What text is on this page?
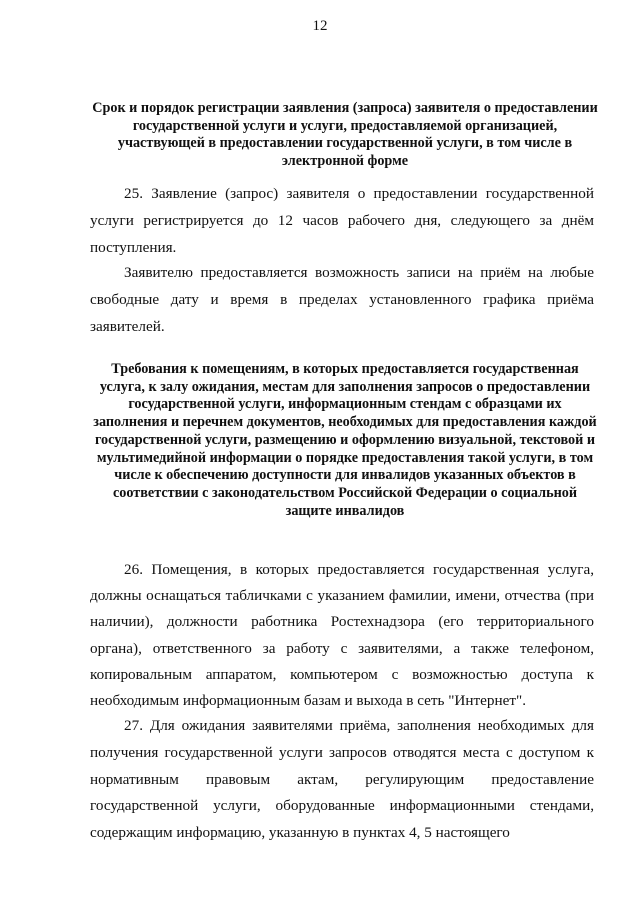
12

Срок и порядок регистрации заявления (запроса) заявителя о предоставлении государственной услуги и услуги, предоставляемой организацией, участвующей в предоставлении государственной услуги, в том числе в электронной форме

25. Заявление (запрос) заявителя о предоставлении государственной услуги регистрируется до 12 часов рабочего дня, следующего за днём поступления.

Заявителю предоставляется возможность записи на приём на любые свободные дату и время в пределах установленного графика приёма заявителей.

Требования к помещениям, в которых предоставляется государственная услуга, к залу ожидания, местам для заполнения запросов о предоставлении государственной услуги, информационным стендам с образцами их заполнения и перечнем документов, необходимых для предоставления каждой государственной услуги, размещению и оформлению визуальной, текстовой и мультимедийной информации о порядке предоставления такой услуги, в том числе к обеспечению доступности для инвалидов указанных объектов в соответствии с законодательством Российской Федерации о социальной защите инвалидов

26. Помещения, в которых предоставляется государственная услуга, должны оснащаться табличками с указанием фамилии, имени, отчества (при наличии), должности работника Ростехнадзора (его территориального органа), ответственного за работу с заявителями, а также телефоном, копировальным аппаратом, компьютером с возможностью доступа к необходимым информационным базам и выхода в сеть "Интернет".

27. Для ожидания заявителями приёма, заполнения необходимых для получения государственной услуги запросов отводятся места с доступом к нормативным правовым актам, регулирующим предоставление государственной услуги, оборудованные информационными стендами, содержащим информацию, указанную в пунктах 4, 5 настоящего
